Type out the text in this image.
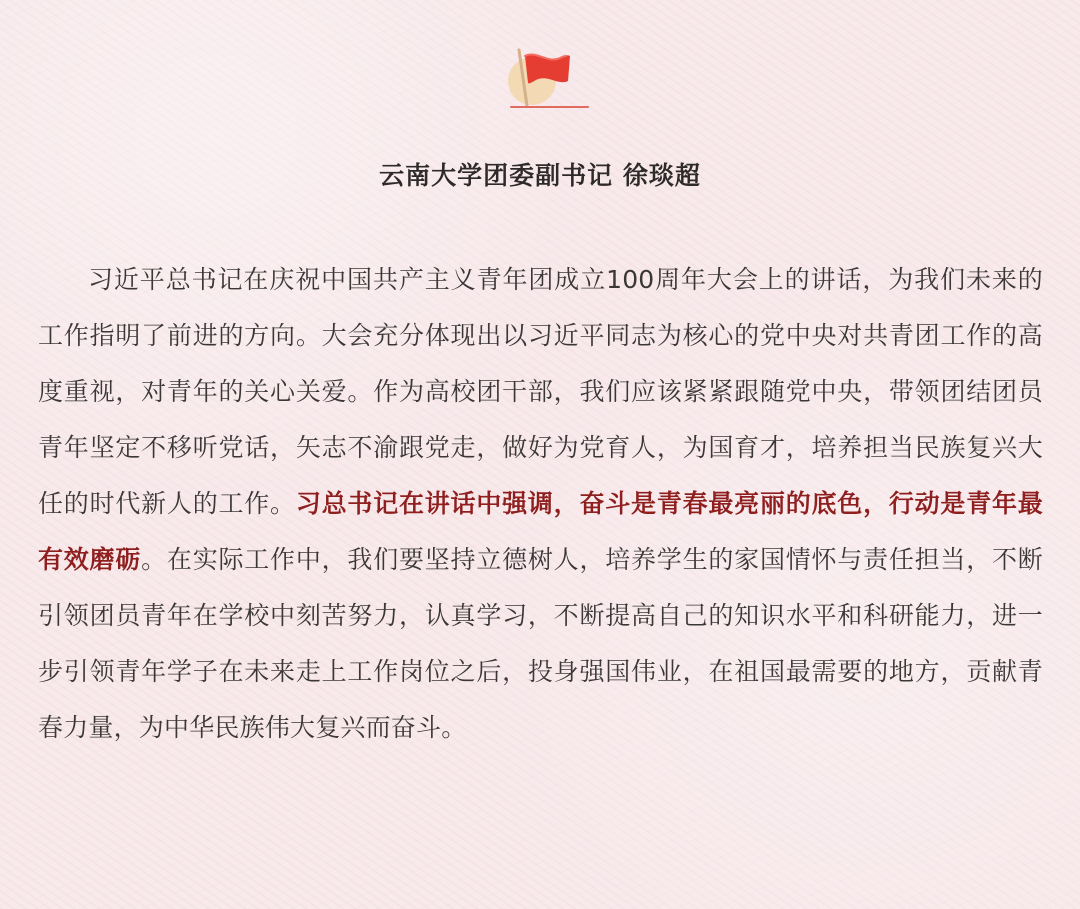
云南大学团委副书记 徐琰超
习近平总书记在庆祝中国共产主义青年团成立100周年大会上的讲话，为我们未来的工作指明了前进的方向。大会充分体现出以习近平同志为核心的党中央对共青团工作的高度重视，对青年的关心关爱。作为高校团干部，我们应该紧紧跟随党中央，带领团结团员青年坚定不移听党话，矢志不渝跟党走，做好为党育人，为国育才，培养担当民族复兴大任的时代新人的工作。习总书记在讲话中强调，奋斗是青春最亮丽的底色，行动是青年最有效磨砺。在实际工作中，我们要坚持立德树人，培养学生的家国情怀与责任担当，不断引领团员青年在学校中刻苦努力，认真学习，不断提高自己的知识水平和科研能力，进一步引领青年学子在未来走上工作岗位之后，投身强国伟业，在祖国最需要的地方，贡献青春力量，为中华民族伟大复兴而奋斗。
